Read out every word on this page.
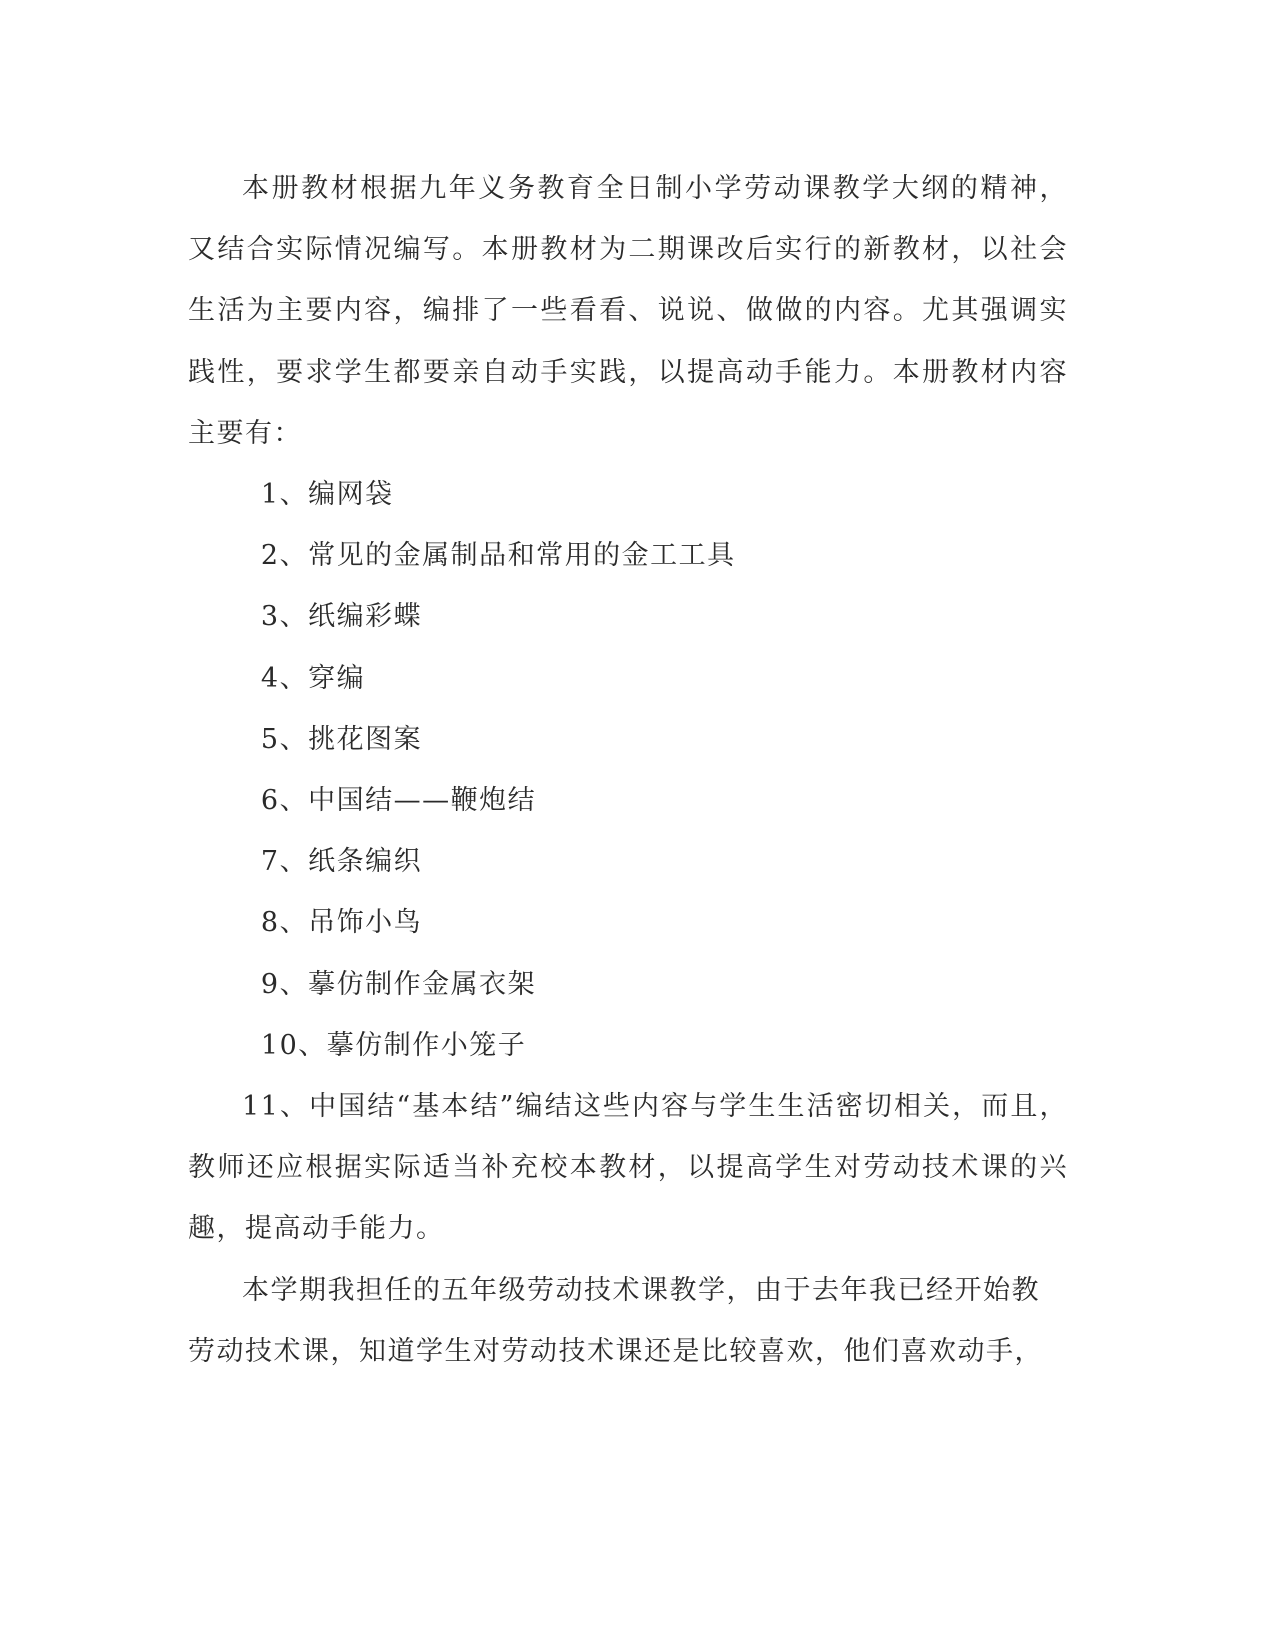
本册教材根据九年义务教育全日制小学劳动课教学大纲的精神，又结合实际情况编写。本册教材为二期课改后实行的新教材，以社会生活为主要内容，编排了一些看看、说说、做做的内容。尤其强调实践性，要求学生都要亲自动手实践，以提高动手能力。本册教材内容主要有：

1、编网袋

2、常见的金属制品和常用的金工工具

3、纸编彩蝶

4、穿编

5、挑花图案

6、中国结——鞭炮结

7、纸条编织

8、吊饰小鸟

9、摹仿制作金属衣架

10、摹仿制作小笼子

11、中国结“基本结”编结这些内容与学生生活密切相关，而且，教师还应根据实际适当补充校本教材，以提高学生对劳动技术课的兴趣，提高动手能力。

本学期我担任的五年级劳动技术课教学，由于去年我已经开始教劳动技术课，知道学生对劳动技术课还是比较喜欢，他们喜欢动手，
